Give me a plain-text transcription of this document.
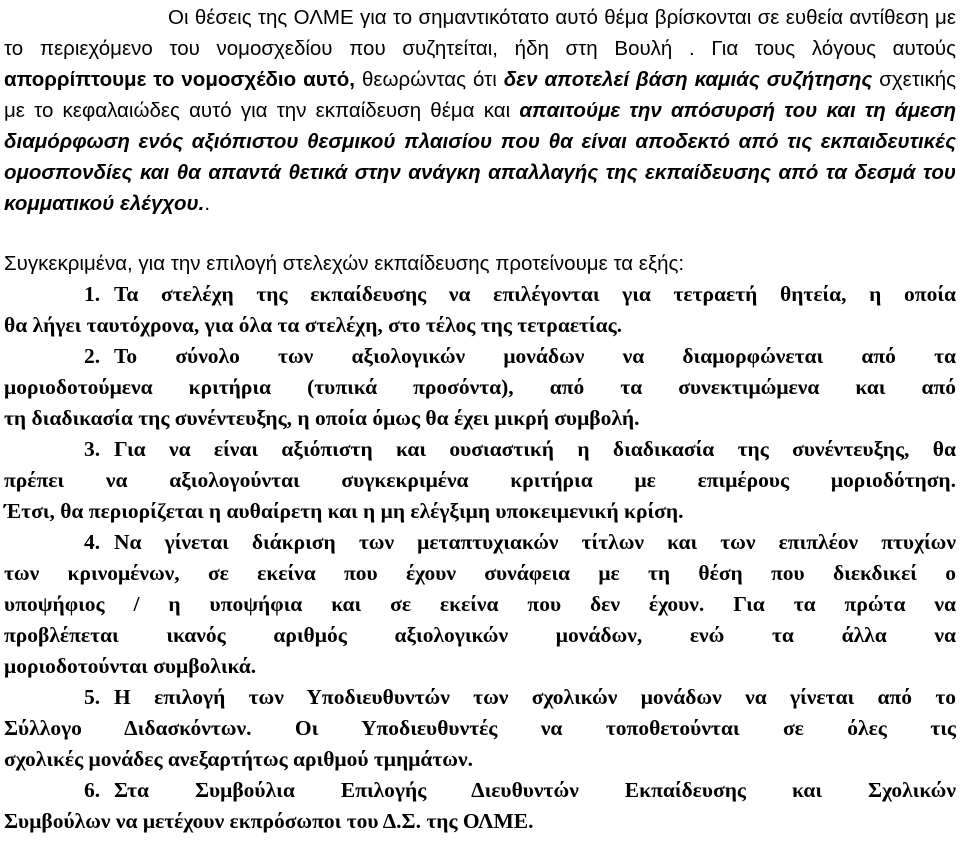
Οι θέσεις της ΟΛΜΕ για το σημαντικότατο αυτό θέμα βρίσκονται σε ευθεία αντίθεση με το περιεχόμενο του νομοσχεδίου που συζητείται, ήδη στη Βουλή . Για τους λόγους αυτούς απορρίπτουμε το νομοσχέδιο αυτό, θεωρώντας ότι δεν αποτελεί βάση καμιάς συζήτησης σχετικής με το κεφαλαιώδες αυτό για την εκπαίδευση θέμα και απαιτούμε την απόσυρσή του και τη άμεση διαμόρφωση ενός αξιόπιστου θεσμικού πλαισίου που θα είναι αποδεκτό από τις εκπαιδευτικές ομοσπονδίες και θα απαντά θετικά στην ανάγκη απαλλαγής της εκπαίδευσης από τα δεσμά του κομματικού ελέγχου..

Συγκεκριμένα, για την επιλογή στελεχών εκπαίδευσης προτείνουμε τα εξής:

1. Τα στελέχη της εκπαίδευσης να επιλέγονται για τετραετή θητεία, η οποία
θα λήγει ταυτόχρονα, για όλα τα στελέχη, στο τέλος της τετραετίας.
2. Το σύνολο των αξιολογικών μονάδων να διαμορφώνεται από τα
μοριοδοτούμενα κριτήρια (τυπικά προσόντα), από τα συνεκτιμώμενα και από
τη διαδικασία της συνέντευξης, η οποία όμως θα έχει μικρή συμβολή.
3. Για να είναι αξιόπιστη και ουσιαστική η διαδικασία της συνέντευξης, θα
πρέπει να αξιολογούνται συγκεκριμένα κριτήρια με επιμέρους μοριοδότηση.
Έτσι, θα περιορίζεται η αυθαίρετη και η μη ελέγξιμη υποκειμενική κρίση.
4. Να γίνεται διάκριση των μεταπτυχιακών τίτλων και των επιπλέον πτυχίων
των κρινομένων, σε εκείνα που έχουν συνάφεια με τη θέση που διεκδικεί ο
υποψήφιος / η υποψήφια και σε εκείνα που δεν έχουν. Για τα πρώτα να
προβλέπεται ικανός αριθμός αξιολογικών μονάδων, ενώ τα άλλα να
μοριοδοτούνται συμβολικά.
5. Η επιλογή των Υποδιευθυντών των σχολικών μονάδων να γίνεται από το
Σύλλογο Διδασκόντων. Οι Υποδιευθυντές να τοποθετούνται σε όλες τις
σχολικές μονάδες ανεξαρτήτως αριθμού τμημάτων.
6. Στα Συμβούλια Επιλογής Διευθυντών Εκπαίδευσης και Σχολικών
Συμβούλων να μετέχουν εκπρόσωποι του Δ.Σ. της ΟΛΜΕ.
